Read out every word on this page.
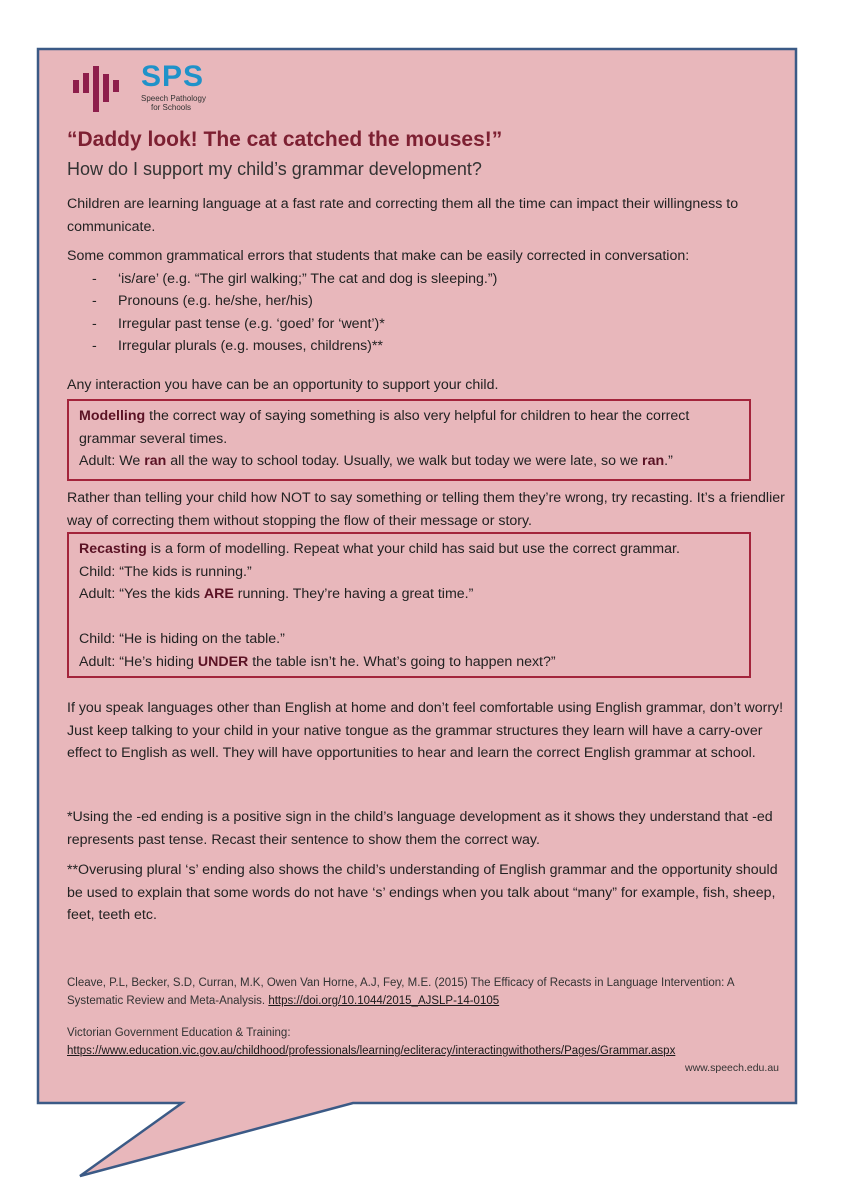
SPS
Speech Pathology
for Schools
“Daddy look! The cat catched the mouses!”
How do I support my child’s grammar development?

Children are learning language at a fast rate and correcting them all the time can impact their willingness to communicate.

Some common grammatical errors that students that make can be easily corrected in conversation:

- ‘is/are’ (e.g. “The girl walking;” The cat and dog is sleeping.”)
- Pronouns (e.g. he/she, her/his)
- Irregular past tense (e.g. ‘goed’ for ‘went’)*
- Irregular plurals (e.g. mouses, childrens)**

Any interaction you have can be an opportunity to support your child.

Modelling the correct way of saying something is also very helpful for children to hear the correct grammar several times.

Adult: We ran all the way to school today. Usually, we walk but today we were late, so we ran.”

Rather than telling your child how NOT to say something or telling them they’re wrong, try recasting. It’s a friendlier way of correcting them without stopping the flow of their message or story.

Recasting is a form of modelling. Repeat what your child has said but use the correct grammar.

Child: “The kids is running.”

Adult: “Yes the kids ARE running. They’re having a great time.”

Child: “He is hiding on the table.”

Adult: “He’s hiding UNDER the table isn’t he. What’s going to happen next?”

If you speak languages other than English at home and don’t feel comfortable using English grammar, don’t worry! Just keep talking to your child in your native tongue as the grammar structures they learn will have a carry-over effect to English as well. They will have opportunities to hear and learn the correct English grammar at school.

*Using the -ed ending is a positive sign in the child’s language development as it shows they understand that -ed represents past tense. Recast their sentence to show them the correct way.

**Overusing plural ‘s’ ending also shows the child’s understanding of English grammar and the opportunity should be used to explain that some words do not have ‘s’ endings when you talk about “many” for example, fish, sheep, feet, teeth etc.

Cleave, P.L, Becker, S.D, Curran, M.K, Owen Van Horne, A.J, Fey, M.E. (2015) The Efficacy of Recasts in Language Intervention: A Systematic Review and Meta-Analysis. https://doi.org/10.1044/2015_AJSLP-14-0105

Victorian Government Education & Training:

https://www.education.vic.gov.au/childhood/professionals/learning/ecliteracy/interactingwithothers/Pages/Grammar.aspx

www.speech.edu.au
